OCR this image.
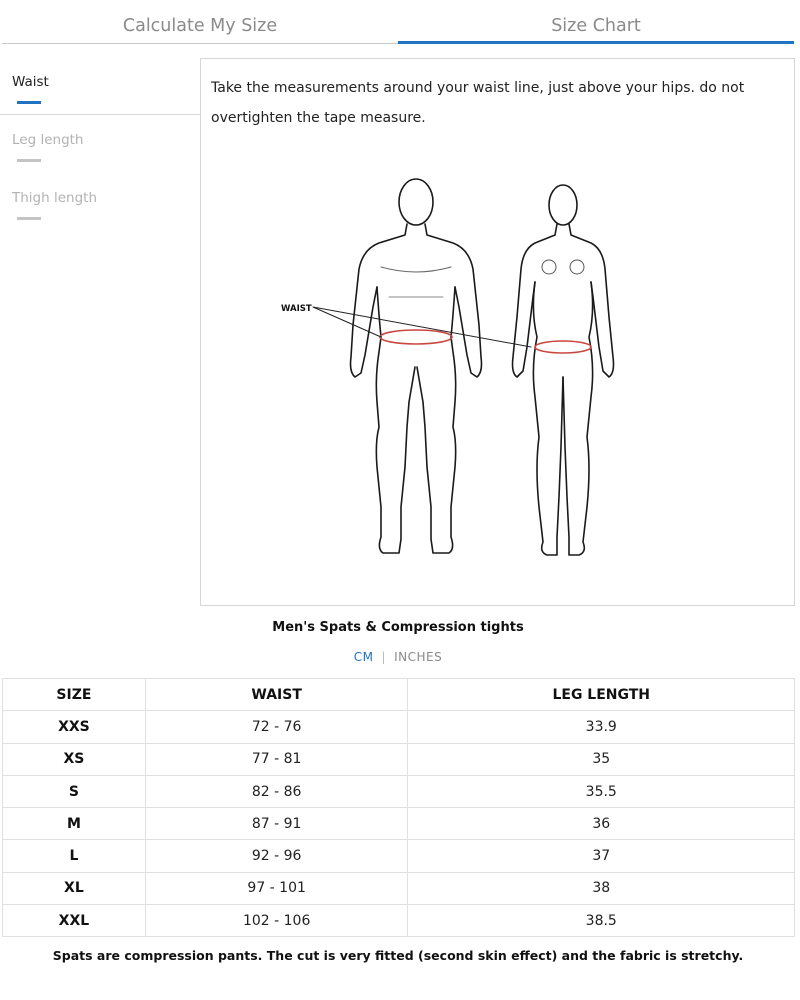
Calculate My Size	Size Chart
Waist
Leg length
Thigh length

Take the measurements around your waist line, just above your hips. do not overtighten the tape measure.

WAIST
Men's Spats & Compression tights
CM | INCHES
SIZE	WAIST	LEG LENGTH
XXS	72 - 76	33.9
XS	77 - 81	35
S	82 - 86	35.5
M	87 - 91	36
L	92 - 96	37
XL	97 - 101	38
XXL	102 - 106	38.5
Spats are compression pants. The cut is very fitted (second skin effect) and the fabric is stretchy.
